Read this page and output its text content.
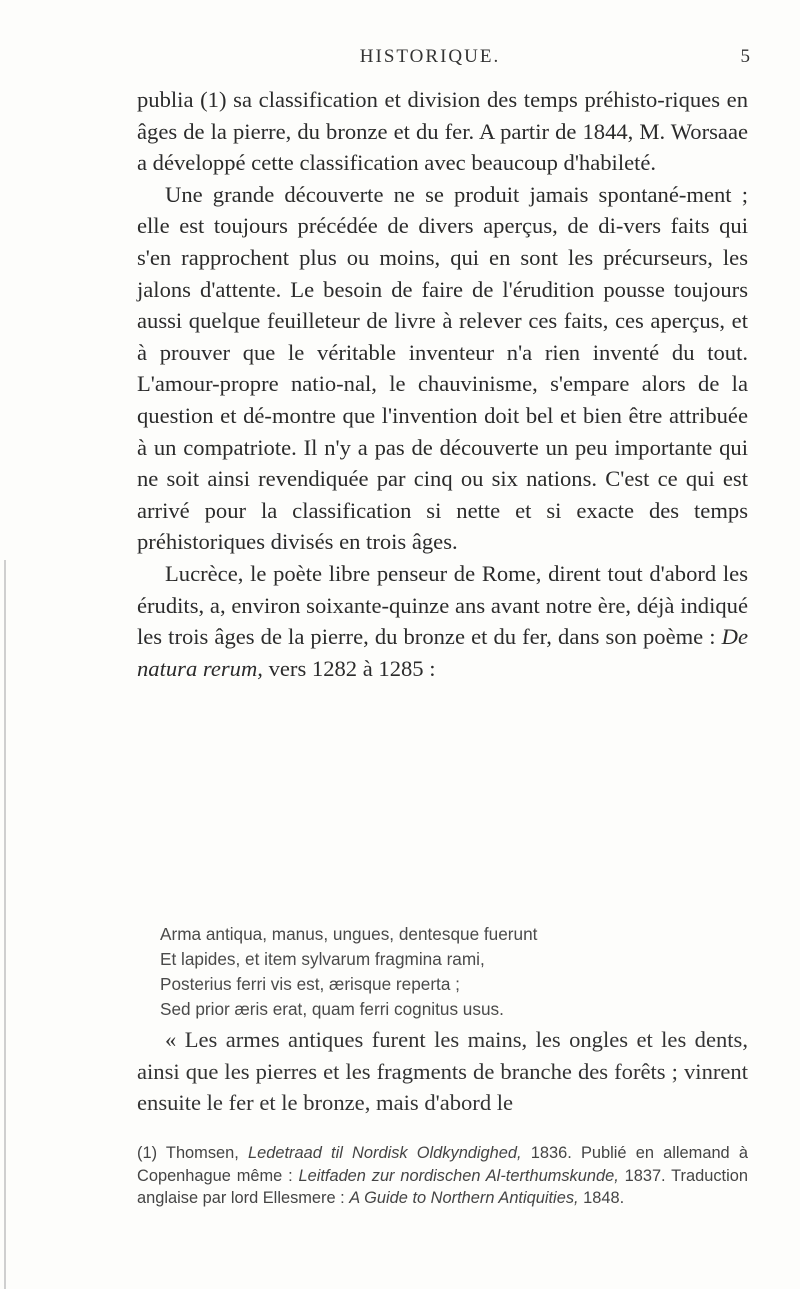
HISTORIQUE.	5

publia (1) sa classification et division des temps préhisto-riques en âges de la pierre, du bronze et du fer. A partir de 1844, M. Worsaae a développé cette classification avec beaucoup d'habileté.

Une grande découverte ne se produit jamais spontané-ment ; elle est toujours précédée de divers aperçus, de di-vers faits qui s'en rapprochent plus ou moins, qui en sont les précurseurs, les jalons d'attente. Le besoin de faire de l'érudition pousse toujours aussi quelque feuilleteur de livre à relever ces faits, ces aperçus, et à prouver que le véritable inventeur n'a rien inventé du tout. L'amour-propre natio-nal, le chauvinisme, s'empare alors de la question et dé-montre que l'invention doit bel et bien être attribuée à un compatriote. Il n'y a pas de découverte un peu importante qui ne soit ainsi revendiquée par cinq ou six nations. C'est ce qui est arrivé pour la classification si nette et si exacte des temps préhistoriques divisés en trois âges.

Lucrèce, le poète libre penseur de Rome, dirent tout d'abord les érudits, a, environ soixante-quinze ans avant notre ère, déjà indiqué les trois âges de la pierre, du bronze et du fer, dans son poème : De natura rerum, vers 1282 à 1285 :

Arma antiqua, manus, ungues, dentesque fuerunt
Et lapides, et item sylvarum fragmina rami,
Posterius ferri vis est, ærisque reperta ;
Sed prior æris erat, quam ferri cognitus usus.

« Les armes antiques furent les mains, les ongles et les dents, ainsi que les pierres et les fragments de branche des forêts ; vinrent ensuite le fer et le bronze, mais d'abord le

(1) Thomsen, Ledetraad til Nordisk Oldkyndighed, 1836. Publié en allemand à Copenhague même : Leitfaden zur nordischen Al-terthumskunde, 1837. Traduction anglaise par lord Ellesmere : A Guide to Northern Antiquities, 1848.
